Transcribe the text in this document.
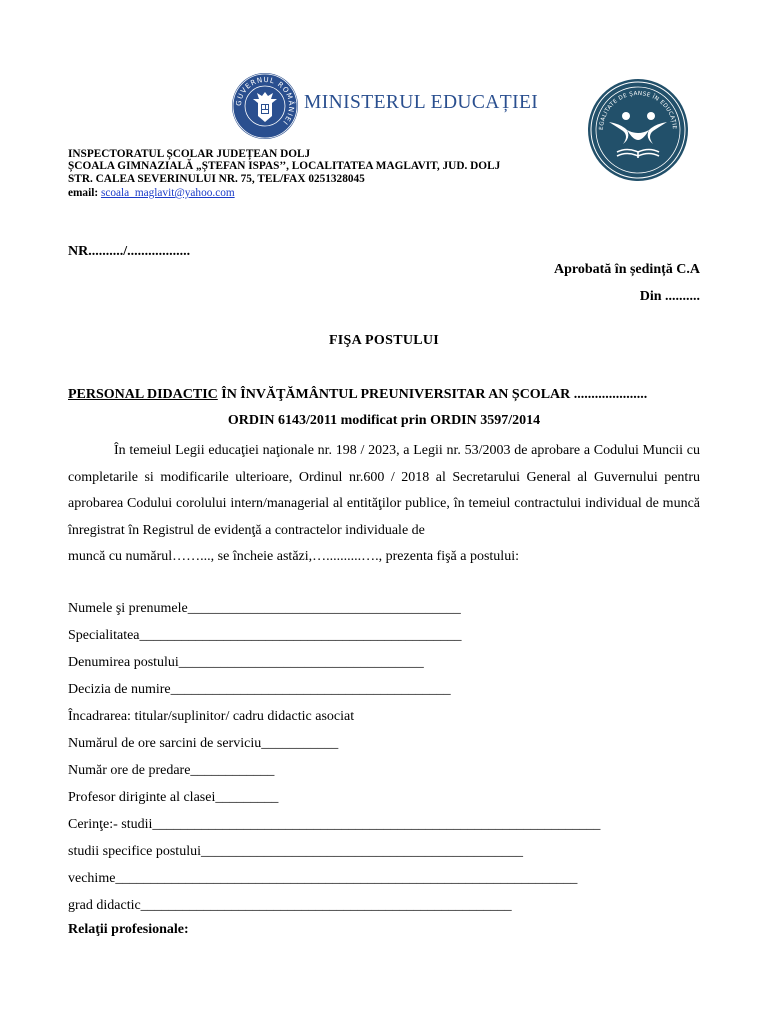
GUVERNUL ROMÂNIEI
MINISTERUL EDUCAȚIEI
EGALITATE DE ȘANSE ÎN EDUCAȚIE
INSPECTORATUL ȘCOLAR JUDEȚEAN DOLJ
ȘCOALA GIMNAZIALĂ „ȘTEFAN ISPAS’’, LOCALITATEA MAGLAVIT, JUD. DOLJ
STR. CALEA SEVERINULUI NR. 75, TEL/FAX 0251328045
email: scoala_maglavit@yahoo.com
NR........../..................
Aprobată în ședință C.A
Din ..........
FIŞA POSTULUI
PERSONAL DIDACTIC ÎN ÎNVĂŢĂMÂNTUL PREUNIVERSITAR AN ȘCOLAR .....................
ORDIN 6143/2011 modificat prin ORDIN 3597/2014
În temeiul Legii educaţiei naţionale nr. 198 / 2023, a Legii nr. 53/2003 de aprobare a Codului Muncii cu completarile si modificarile ulterioare, Ordinul nr.600 / 2018 al Secretarului General al Guvernului pentru aprobarea Codului corolului intern/managerial al entităţilor publice, în temeiul contractului individual de muncă înregistrat în Registrul de evidenţă a contractelor individuale de
muncă cu numărul……..., se încheie astăzi,…..........…., prezenta fişă a postului:
Numele şi prenumele_______________________________________
Specialitatea______________________________________________
Denumirea postului___________________________________
Decizia de numire________________________________________
Încadrarea: titular/suplinitor/ cadru didactic asociat
Numărul de ore sarcini de serviciu___________
Număr ore de predare____________
Profesor diriginte al clasei_________
Cerinţe:- studii________________________________________________________________
studii specifice postului______________________________________________
vechime__________________________________________________________________
grad didactic_____________________________________________________
Relaţii profesionale:
